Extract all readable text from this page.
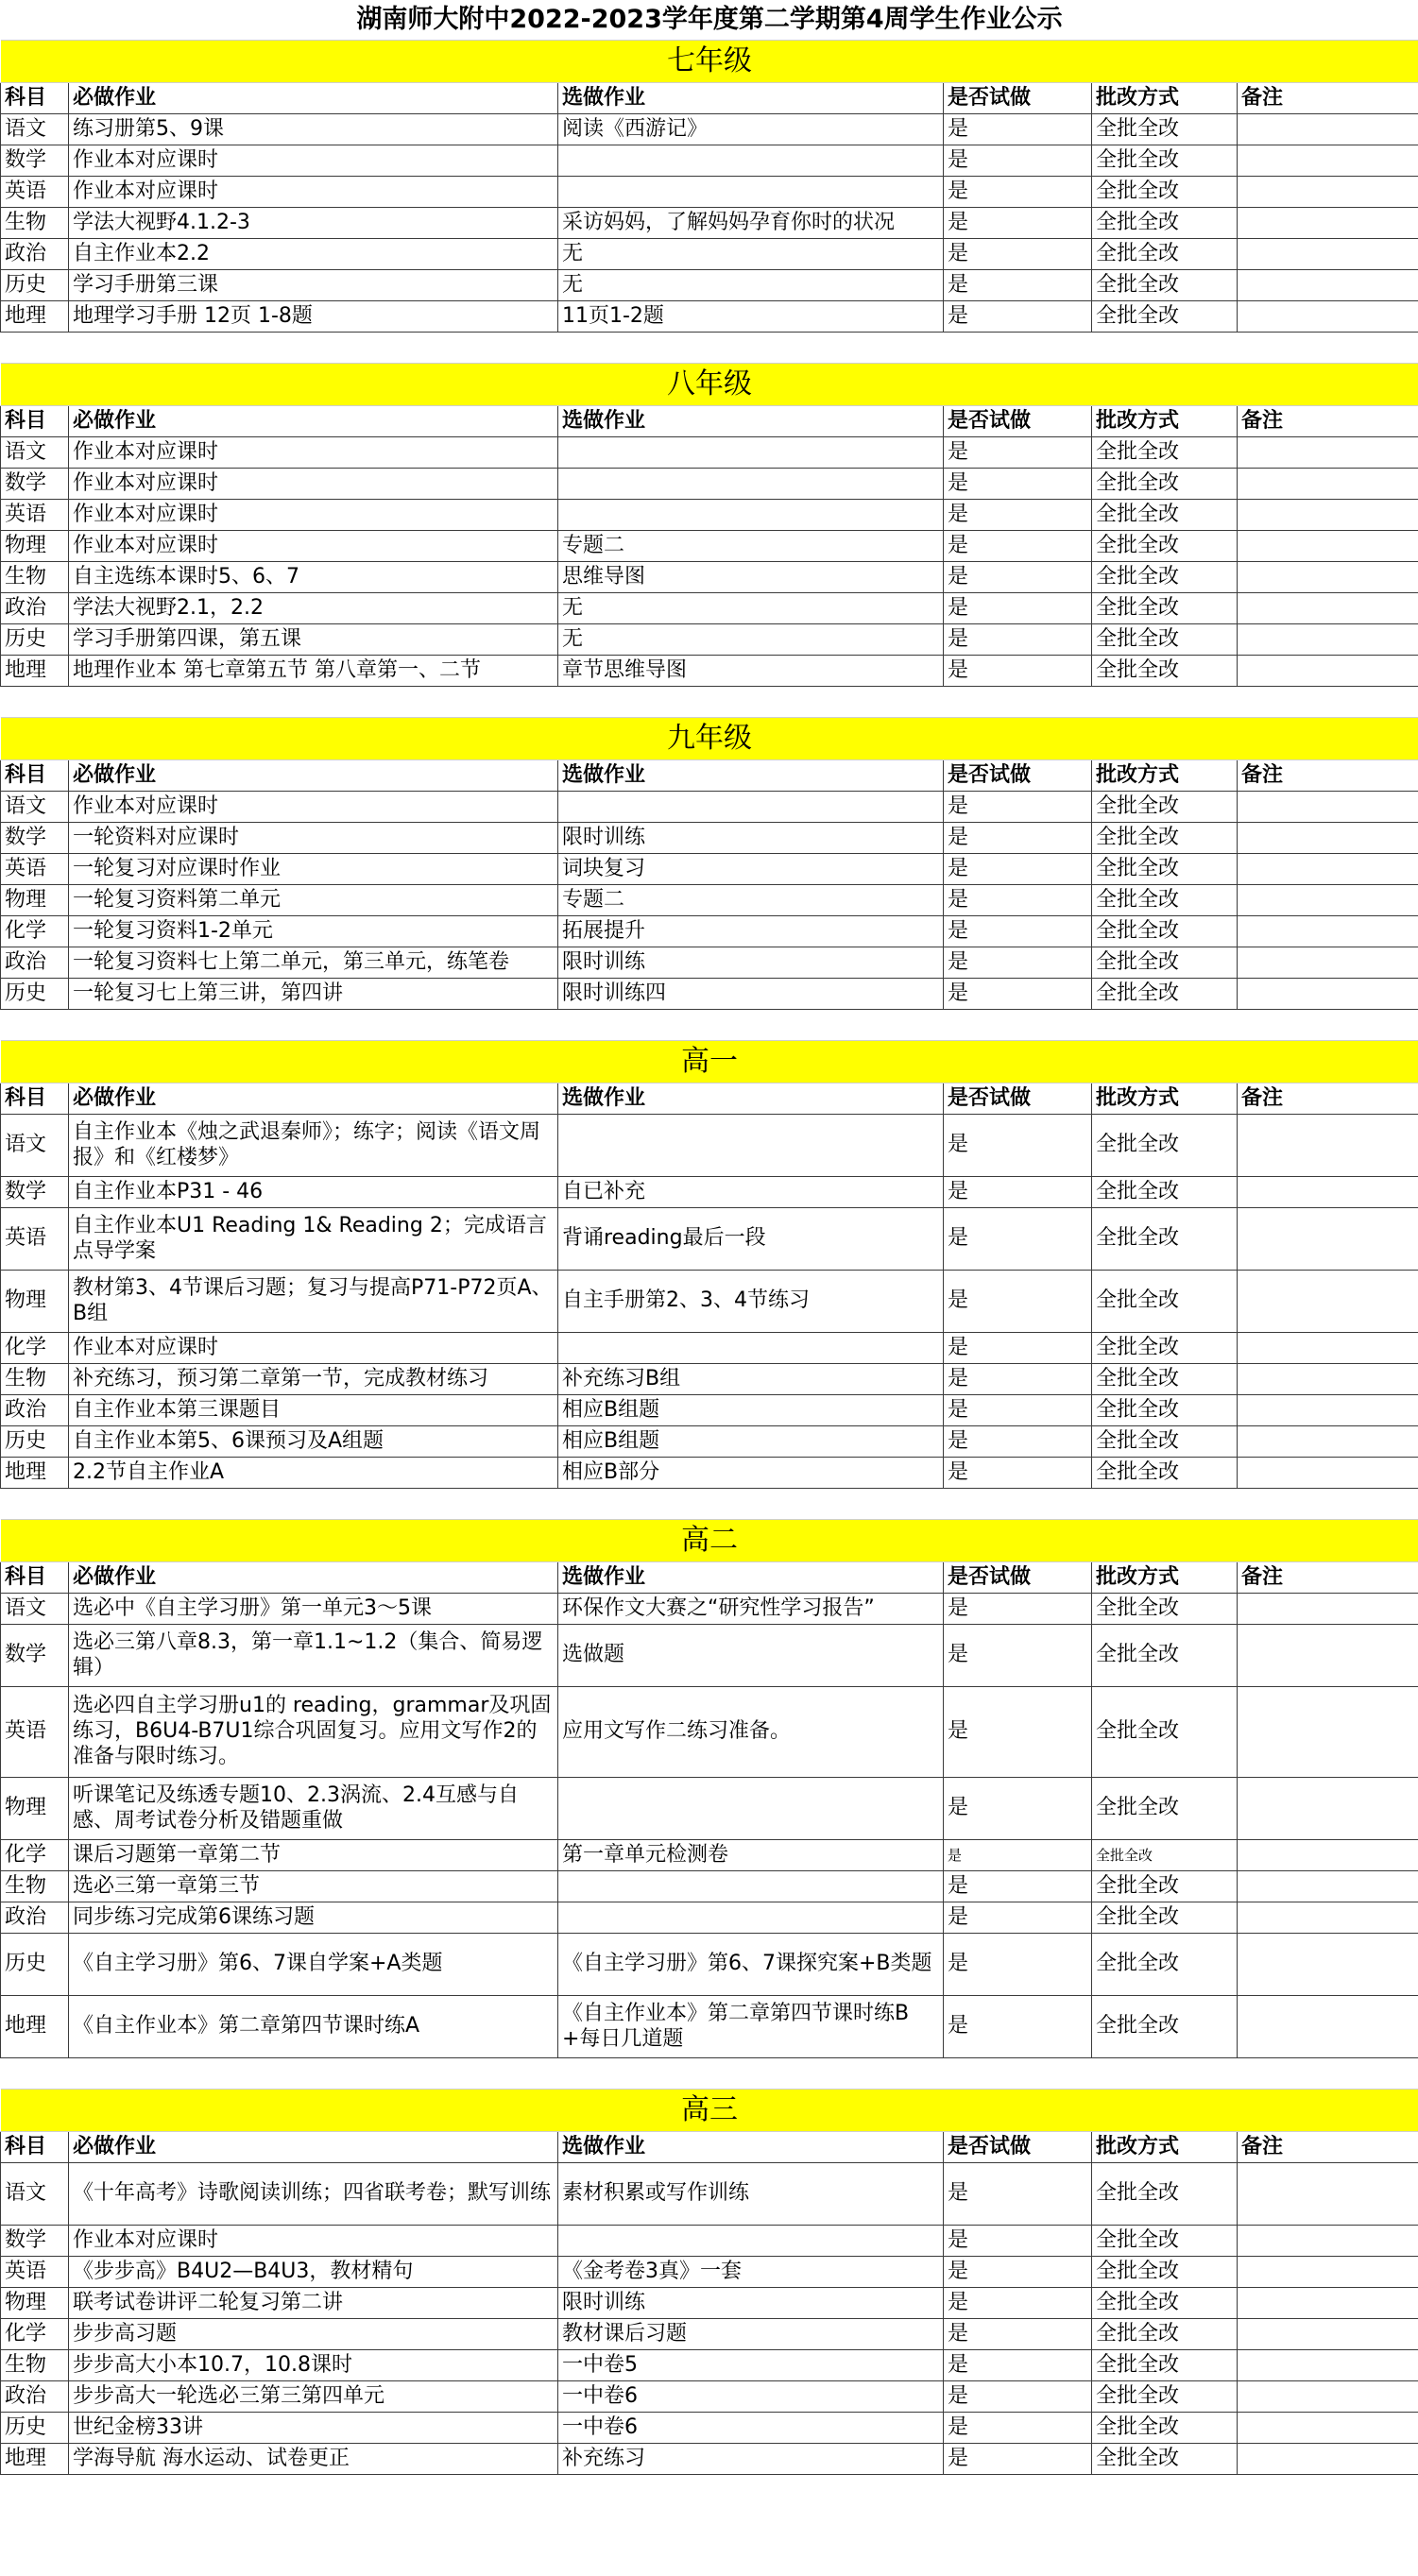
湖南师大附中2022-2023学年度第二学期第4周学生作业公示					
七年级					
科目	必做作业	选做作业	是否试做	批改方式	备注
语文	练习册第5、9课	阅读《西游记》	是	全批全改	
数学	作业本对应课时		是	全批全改	
英语	作业本对应课时		是	全批全改	
生物	学法大视野4.1.2-3	采访妈妈，了解妈妈孕育你时的状况	是	全批全改	
政治	自主作业本2.2	无	是	全批全改	
历史	学习手册第三课	无	是	全批全改	
地理	地理学习手册 12页 1-8题	11页1-2题	是	全批全改	

八年级					
科目	必做作业	选做作业	是否试做	批改方式	备注
语文	作业本对应课时		是	全批全改	
数学	作业本对应课时		是	全批全改	
英语	作业本对应课时		是	全批全改	
物理	作业本对应课时	专题二	是	全批全改	
生物	自主选练本课时5、6、7	思维导图	是	全批全改	
政治	学法大视野2.1，2.2	无	是	全批全改	
历史	学习手册第四课，第五课	无	是	全批全改	
地理	地理作业本 第七章第五节 第八章第一、二节	章节思维导图	是	全批全改	

九年级					
科目	必做作业	选做作业	是否试做	批改方式	备注
语文	作业本对应课时		是	全批全改	
数学	一轮资料对应课时	限时训练	是	全批全改	
英语	一轮复习对应课时作业	词块复习	是	全批全改	
物理	一轮复习资料第二单元	专题二	是	全批全改	
化学	一轮复习资料1-2单元	拓展提升	是	全批全改	
政治	一轮复习资料七上第二单元，第三单元，练笔卷	限时训练	是	全批全改	
历史	一轮复习七上第三讲，第四讲	限时训练四	是	全批全改	

高一					
科目	必做作业	选做作业	是否试做	批改方式	备注
语文	自主作业本《烛之武退秦师》；练字；阅读《语文周报》和《红楼梦》		是	全批全改	
数学	自主作业本P31 - 46	自已补充	是	全批全改	
英语	自主作业本U1 Reading 1& Reading 2；完成语言点导学案	背诵reading最后一段	是	全批全改	
物理	教材第3、4节课后习题；复习与提高P71-P72页A、B组	自主手册第2、3、4节练习	是	全批全改	
化学	作业本对应课时		是	全批全改	
生物	补充练习，预习第二章第一节，完成教材练习	补充练习B组	是	全批全改	
政治	自主作业本第三课题目	相应B组题	是	全批全改	
历史	自主作业本第5、6课预习及A组题	相应B组题	是	全批全改	
地理	2.2节自主作业A	相应B部分	是	全批全改	

高二					
科目	必做作业	选做作业	是否试做	批改方式	备注
语文	选必中《自主学习册》第一单元3～5课	环保作文大赛之“研究性学习报告”	是	全批全改	
数学	选必三第八章8.3，第一章1.1~1.2（集合、简易逻辑）	选做题	是	全批全改	
英语	选必四自主学习册u1的 reading，grammar及巩固练习，B6U4-B7U1综合巩固复习。应用文写作2的准备与限时练习。	应用文写作二练习准备。	是	全批全改	
物理	听课笔记及练透专题10、2.3涡流、2.4互感与自感、周考试卷分析及错题重做		是	全批全改	
化学	课后习题第一章第二节	第一章单元检测卷	是	全批全改	
生物	选必三第一章第三节		是	全批全改	
政治	同步练习完成第6课练习题		是	全批全改	
历史	《自主学习册》第6、7课自学案+A类题	《自主学习册》第6、7课探究案+B类题	是	全批全改	
地理	《自主作业本》第二章第四节课时练A	《自主作业本》第二章第四节课时练B+每日几道题	是	全批全改	

高三					
科目	必做作业	选做作业	是否试做	批改方式	备注
语文	《十年高考》诗歌阅读训练；四省联考卷；默写训练	素材积累或写作训练	是	全批全改	
数学	作业本对应课时		是	全批全改	
英语	《步步高》B4U2—B4U3，教材精句	《金考卷3真》一套	是	全批全改	
物理	联考试卷讲评二轮复习第二讲	限时训练	是	全批全改	
化学	步步高习题	教材课后习题	是	全批全改	
生物	步步高大小本10.7，10.8课时	一中卷5	是	全批全改	
政治	步步高大一轮选必三第三第四单元	一中卷6	是	全批全改	
历史	世纪金榜33讲	一中卷6	是	全批全改	
地理	学海导航 海水运动、试卷更正	补充练习	是	全批全改	
